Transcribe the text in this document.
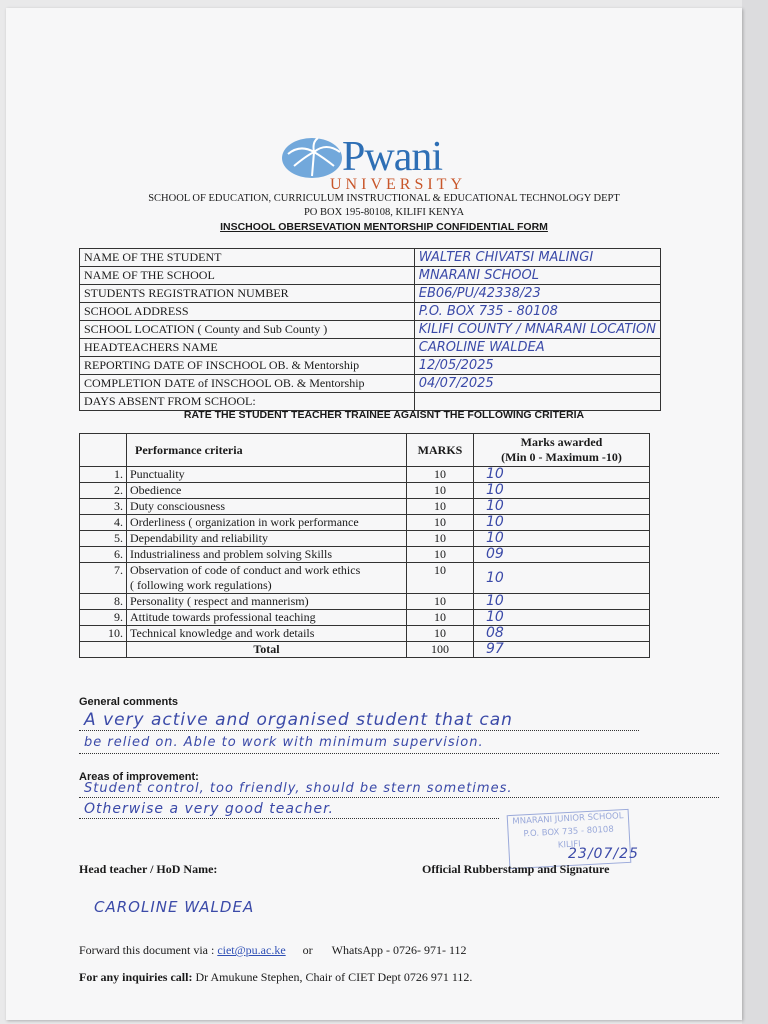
Pwani
UNIVERSITY
SCHOOL OF EDUCATION, CURRICULUM INSTRUCTIONAL & EDUCATIONAL TECHNOLOGY DEPT
PO BOX 195-80108, KILIFI KENYA
INSCHOOL OBERSEVATION MENTORSHIP CONFIDENTIAL FORM
NAME OF THE STUDENT	WALTER CHIVATSI MALINGI
NAME OF THE SCHOOL	MNARANI SCHOOL
STUDENTS REGISTRATION NUMBER	EB06/PU/42338/23
SCHOOL ADDRESS	P.O. BOX 735 - 80108
SCHOOL LOCATION ( County and Sub County )	KILIFI COUNTY / MNARANI LOCATION
HEADTEACHERS NAME	CAROLINE WALDEA
REPORTING DATE OF INSCHOOL OB. & Mentorship	12/05/2025
COMPLETION DATE of INSCHOOL OB. & Mentorship	04/07/2025
DAYS ABSENT FROM SCHOOL:	
RATE THE STUDENT TEACHER TRAINEE AGAISNT THE FOLLOWING CRITERIA
	Performance criteria	MARKS	Marks awarded
(Min 0 - Maximum -10)

1.	Punctuality	10	10
2.	Obedience	10	10
3.	Duty consciousness	10	10
4.	Orderliness ( organization in work performance	10	10
5.	Dependability and reliability	10	10
6.	Industrialiness and problem solving Skills	10	09
7.	Observation of code of conduct and work ethics
( following work regulations)	10	10
8.	Personality ( respect and mannerism)	10	10
9.	Attitude towards professional teaching	10	10
10.	Technical knowledge and work details	10	08
	Total	100	97
General comments
A very active and organised student that can
be relied on. Able to work with minimum supervision.
Areas of improvement:
Student control, too friendly, should be stern sometimes.
Otherwise a very good teacher.
MNARANI JUNIOR SCHOOL
P.O. BOX 735 - 80108
KILIFI
23/07/25
Head teacher / HoD Name:	Official Rubberstamp and Signature
CAROLINE WALDEA
Forward this document via : ciet@pu.ac.ke or WhatsApp - 0726- 971- 112
For any inquiries call: Dr Amukune Stephen, Chair of CIET Dept 0726 971 112.
